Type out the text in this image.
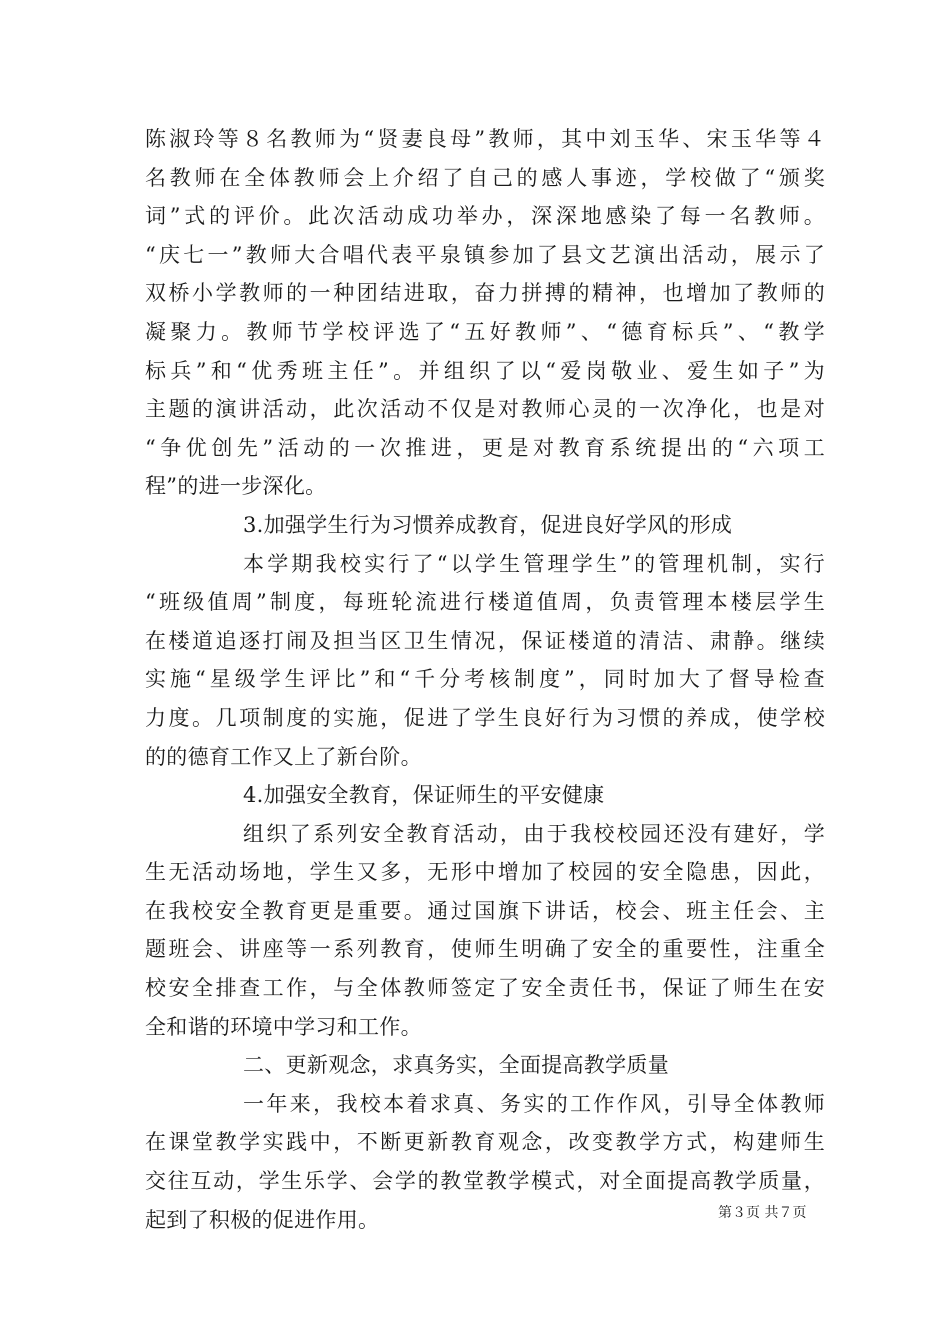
陈淑玲等８名教师为“贤妻良母”教师，其中刘玉华、宋玉华等４
名教师在全体教师会上介绍了自己的感人事迹，学校做了“颁奖
词”式的评价。此次活动成功举办，深深地感染了每一名教师。
“庆七一”教师大合唱代表平泉镇参加了县文艺演出活动，展示了
双桥小学教师的一种团结进取，奋力拼搏的精神，也增加了教师的
凝聚力。教师节学校评选了“五好教师”、“德育标兵”、“教学
标兵”和“优秀班主任”。并组织了以“爱岗敬业、爱生如子”为
主题的演讲活动，此次活动不仅是对教师心灵的一次净化，也是对
“争优创先”活动的一次推进，更是对教育系统提出的“六项工
程”的进一步深化。
3.加强学生行为习惯养成教育，促进良好学风的形成
本学期我校实行了“以学生管理学生”的管理机制，实行
“班级值周”制度，每班轮流进行楼道值周，负责管理本楼层学生
在楼道追逐打闹及担当区卫生情况，保证楼道的清洁、肃静。继续
实施“星级学生评比”和“千分考核制度”，同时加大了督导检查
力度。几项制度的实施，促进了学生良好行为习惯的养成，使学校
的的德育工作又上了新台阶。
4.加强安全教育，保证师生的平安健康
组织了系列安全教育活动，由于我校校园还没有建好，学
生无活动场地，学生又多，无形中增加了校园的安全隐患，因此，
在我校安全教育更是重要。通过国旗下讲话，校会、班主任会、主
题班会、讲座等一系列教育，使师生明确了安全的重要性，注重全
校安全排查工作，与全体教师签定了安全责任书，保证了师生在安
全和谐的环境中学习和工作。
二、更新观念，求真务实，全面提高教学质量
一年来，我校本着求真、务实的工作作风，引导全体教师
在课堂教学实践中，不断更新教育观念，改变教学方式，构建师生
交往互动，学生乐学、会学的教堂教学模式，对全面提高教学质量，
起到了积极的促进作用。	第３页 共７页
